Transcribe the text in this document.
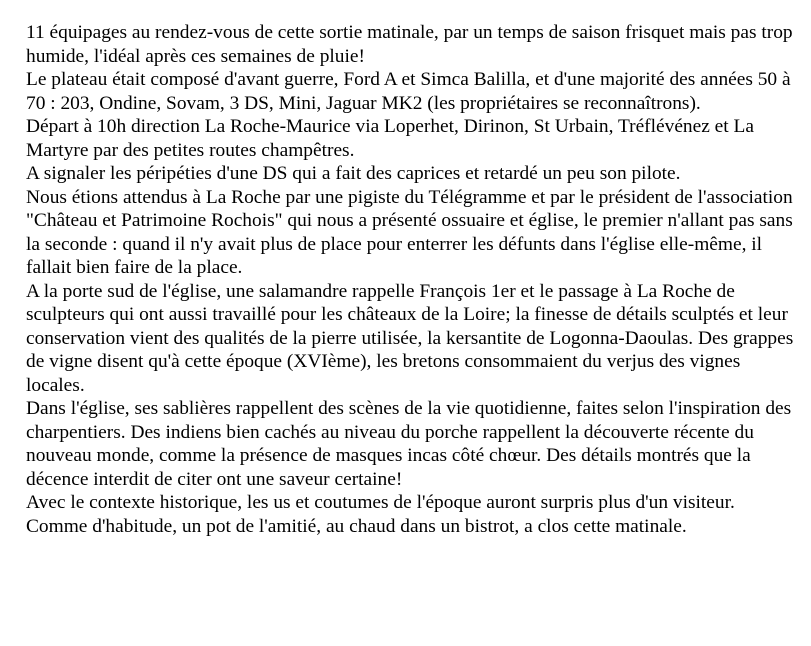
11 équipages au rendez-vous de cette sortie matinale, par un temps de saison frisquet mais pas trop humide, l'idéal après ces semaines de pluie!

Le plateau était composé d'avant guerre, Ford A et Simca Balilla, et d'une majorité des années 50 à 70 : 203, Ondine, Sovam, 3 DS, Mini, Jaguar MK2 (les propriétaires se reconnaîtrons).

Départ à 10h direction La Roche-Maurice via Loperhet, Dirinon, St Urbain, Tréflévénez et La Martyre par des petites routes champêtres.

A signaler les péripéties d'une DS qui a fait des caprices et retardé un peu son pilote.

Nous étions attendus à La Roche par une pigiste du Télégramme et par le président de l'association "Château et Patrimoine Rochois" qui nous a présenté ossuaire et église, le premier n'allant pas sans la seconde : quand il n'y avait plus de place pour enterrer les défunts dans l'église elle-même, il fallait bien faire de la place.

A la porte sud de l'église, une salamandre rappelle François 1er et le passage à La Roche de sculpteurs qui ont aussi travaillé pour les châteaux de la Loire; la finesse de détails sculptés et leur conservation vient des qualités de la pierre utilisée, la kersantite de Logonna-Daoulas. Des grappes de vigne disent qu'à cette époque (XVIème), les bretons consommaient du verjus des vignes locales.

Dans l'église, ses sablières rappellent des scènes de la vie quotidienne, faites selon l'inspiration des charpentiers. Des indiens bien cachés au niveau du porche rappellent la découverte récente du nouveau monde, comme la présence de masques incas côté chœur. Des détails montrés que la décence interdit de citer ont une saveur certaine!

Avec le contexte historique, les us et coutumes de l'époque auront surpris plus d'un visiteur.

Comme d'habitude, un pot de l'amitié, au chaud dans un bistrot, a clos cette matinale.
